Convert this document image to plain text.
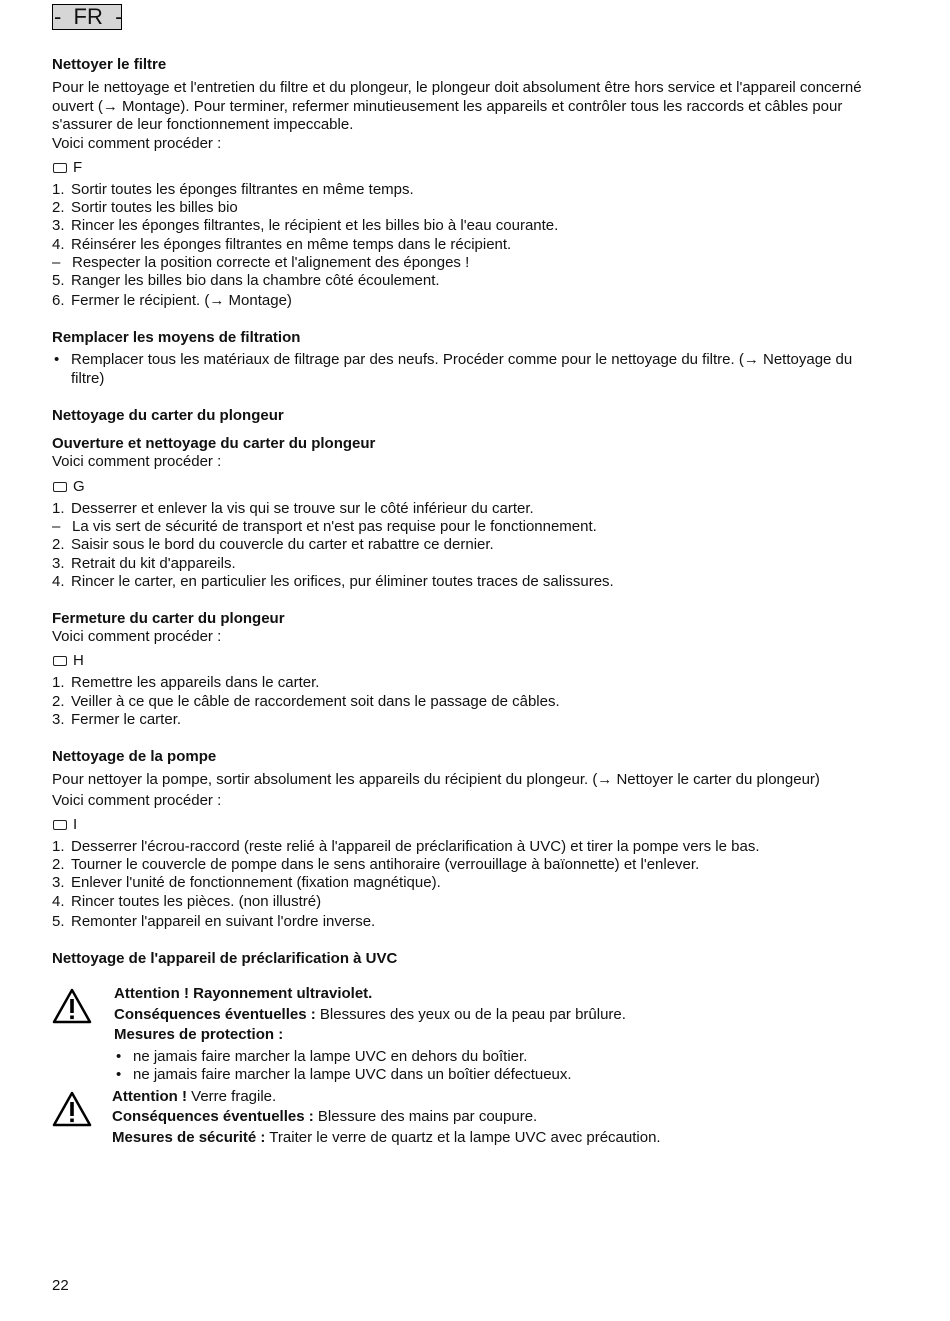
-  FR  -
Nettoyer le filtre

Pour le nettoyage et l'entretien du filtre et du plongeur, le plongeur doit absolument être hors service et l'appareil concerné ouvert (→ Montage). Pour terminer, refermer minutieusement les appareils et contrôler tous les raccords et câbles pour s'assurer de leur fonctionnement impeccable.

Voici comment procéder :

F
1. Sortir toutes les éponges filtrantes en même temps.
2. Sortir toutes les billes bio
3. Rincer les éponges filtrantes, le récipient et les billes bio à l'eau courante.
4. Réinsérer les éponges filtrantes en même temps dans le récipient.
– Respecter la position correcte et l'alignement des éponges !
5. Ranger les billes bio dans la chambre côté écoulement.
6. Fermer le récipient. (→ Montage)
Remplacer les moyens de filtration
• Remplacer tous les matériaux de filtrage par des neufs. Procéder comme pour le nettoyage du filtre. (→ Nettoyage du filtre)
Nettoyage du carter du plongeur
Ouverture et nettoyage du carter du plongeur

Voici comment procéder :

G
1. Desserrer et enlever la vis qui se trouve sur le côté inférieur du carter.
– La vis sert de sécurité de transport et n'est pas requise pour le fonctionnement.
2. Saisir sous le bord du couvercle du carter et rabattre ce dernier.
3. Retrait du kit d'appareils.
4. Rincer le carter, en particulier les orifices, pur éliminer toutes traces de salissures.
Fermeture du carter du plongeur

Voici comment procéder :

H
1. Remettre les appareils dans le carter.
2. Veiller à ce que le câble de raccordement soit dans le passage de câbles.
3. Fermer le carter.
Nettoyage de la pompe

Pour nettoyer la pompe, sortir absolument les appareils du récipient du plongeur. (→ Nettoyer le carter du plongeur)

Voici comment procéder :

I
1. Desserrer l'écrou-raccord (reste relié à l'appareil de préclarification à UVC) et tirer la pompe vers le bas.
2. Tourner le couvercle de pompe dans le sens antihoraire (verrouillage à baïonnette) et l'enlever.
3. Enlever l'unité de fonctionnement (fixation magnétique).
4. Rincer toutes les pièces. (non illustré)
5. Remonter l'appareil en suivant l'ordre inverse.
Nettoyage de l'appareil de préclarification à UVC

Attention ! Rayonnement ultraviolet.

Conséquences éventuelles : Blessures des yeux ou de la peau par brûlure.

Mesures de protection :

• ne jamais faire marcher la lampe UVC en dehors du boîtier.
• ne jamais faire marcher la lampe UVC dans un boîtier défectueux.

Attention ! Verre fragile.

Conséquences éventuelles : Blessure des mains par coupure.

Mesures de sécurité : Traiter le verre de quartz et la lampe UVC avec précaution.

22
